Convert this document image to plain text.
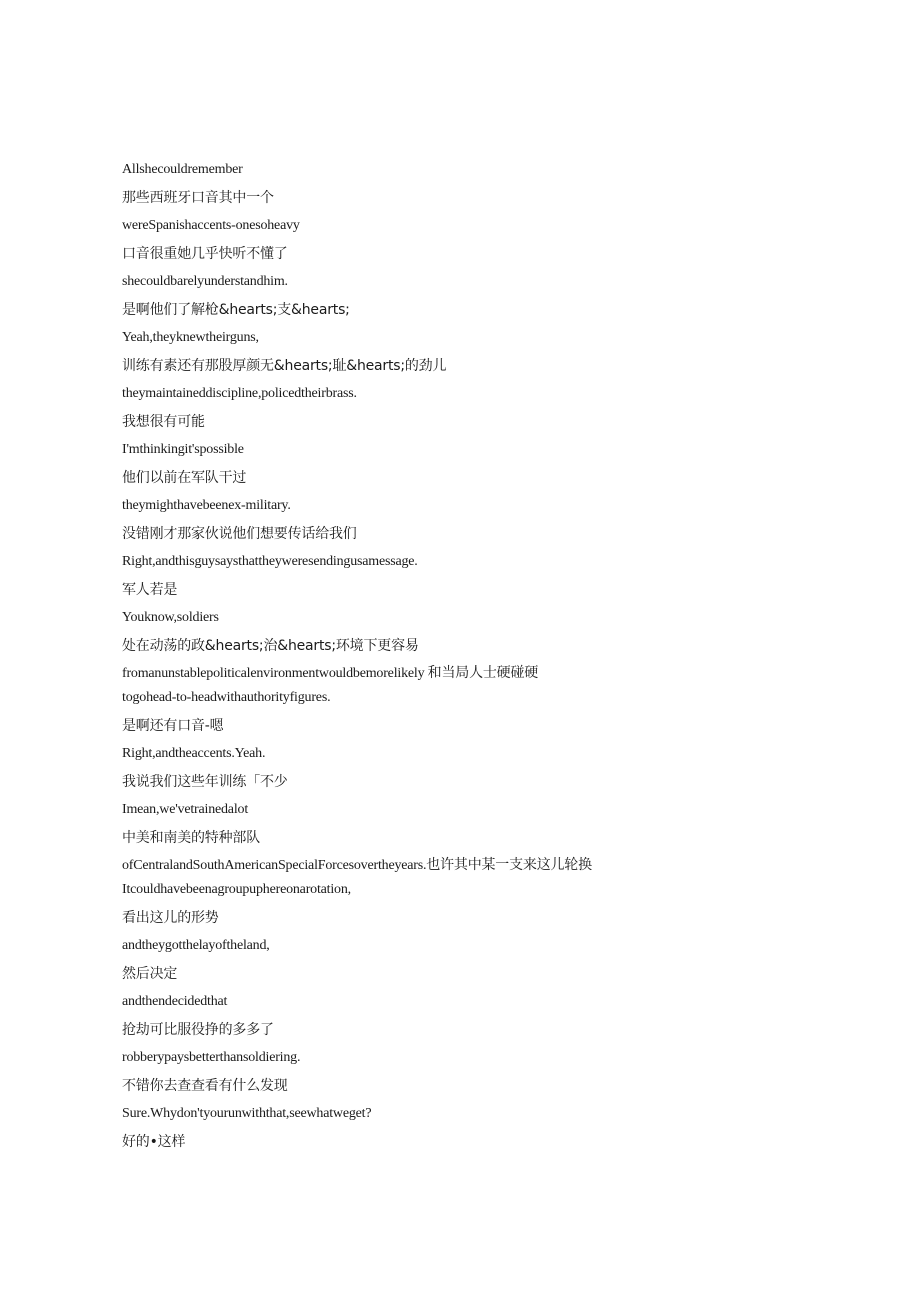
Allshecouldremember
那些西班牙口音其中一个
wereSpanishaccents-onesoheavy
口音很重她几乎快听不懂了
shecouldbarelyunderstandhim.
是啊他们了解枪&hearts;支&hearts;
Yeah,theyknewtheirguns,
训练有素还有那股厚颜无&hearts;耻&hearts;的劲儿
theymaintaineddiscipline,policedtheirbrass.
我想很有可能
I'mthinkingit'spossible
他们以前在军队干过
theymighthavebeenex-military.
没错刚才那家伙说他们想要传话给我们
Right,andthisguysaysthattheyweresendingusamessage.
军人若是
Youknow,soldiers
处在动荡的政&hearts;治&hearts;环境下更容易
fromanunstablepoliticalenvironmentwouldbemorelikely 和当局人士硬碰硬
togohead-to-headwithauthorityfigures.
是啊还有口音-嗯
Right,andtheaccents.Yeah.
我说我们这些年训练「不少
Imean,we'vetrainedalot
中美和南美的特种部队
ofCentralandSouthAmericanSpecialForcesovertheyears.也许其中某一支来这儿轮换
Itcouldhavebeenagroupuphereonarotation,
看出这儿的形势
andtheygotthelayoftheland,
然后决定
andthendecidedthat
抢劫可比服役挣的多多了
robberypaysbetterthansoldiering.
不错你去查查看有什么发现
Sure.Whydon'tyourunwiththat,seewhatweget?
好的•这样
